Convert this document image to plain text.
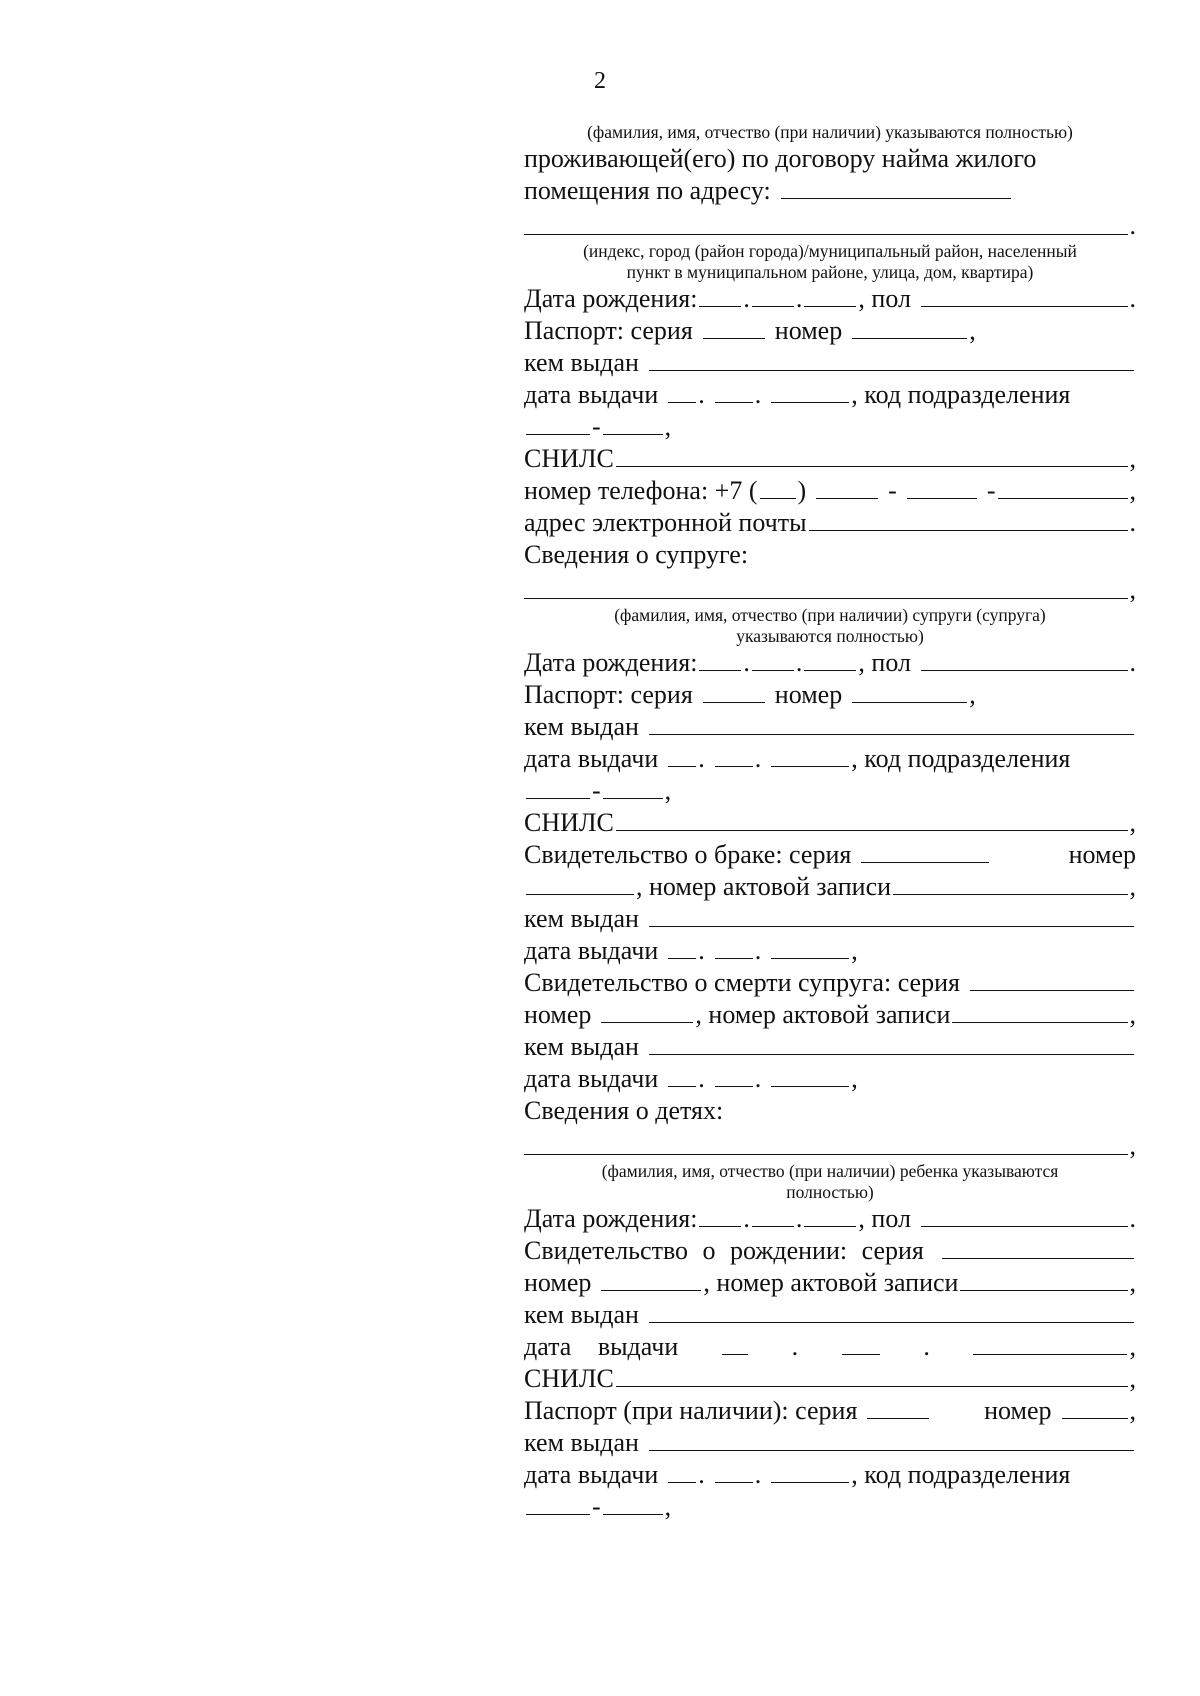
2
(фамилия, имя, отчество (при наличии) указываются полностью)
проживающей(его) по договору найма жилого
помещения по адресу:
.
(индекс, город (район города)/муниципальный район, населенный
пункт в муниципальном районе, улица, дом, квартира)
Дата рождения: . . , пол	.
Паспорт: серия	номер	,
кем выдан
дата выдачи . .	, код подразделения
- ,
СНИЛС	,
номер телефона: +7 ( )	-	-	,
адрес электронной почты	.
Сведения о супруге:
,
(фамилия, имя, отчество (при наличии) супруги (супруга)
указываются полностью)
Дата рождения: . . , пол	.
Паспорт: серия	номер	,
кем выдан
дата выдачи . .	, код подразделения
- ,
СНИЛС	,
Свидетельство о браке: серия	номер
, номер актовой записи	,
кем выдан
дата выдачи . .	,
Свидетельство о смерти супруга: серия
номер	, номер актовой записи	,
кем выдан
дата выдачи . .	,
Сведения о детях:
,
(фамилия, имя, отчество (при наличии) ребенка указываются
полностью)
Дата рождения: . . , пол	.
Свидетельство о рождении: серия
номер	, номер актовой записи	,
кем выдан
дата выдачи	.	.	,
СНИЛС	,
Паспорт (при наличии): серия	номер	,
кем выдан
дата выдачи . .	, код подразделения
- ,
